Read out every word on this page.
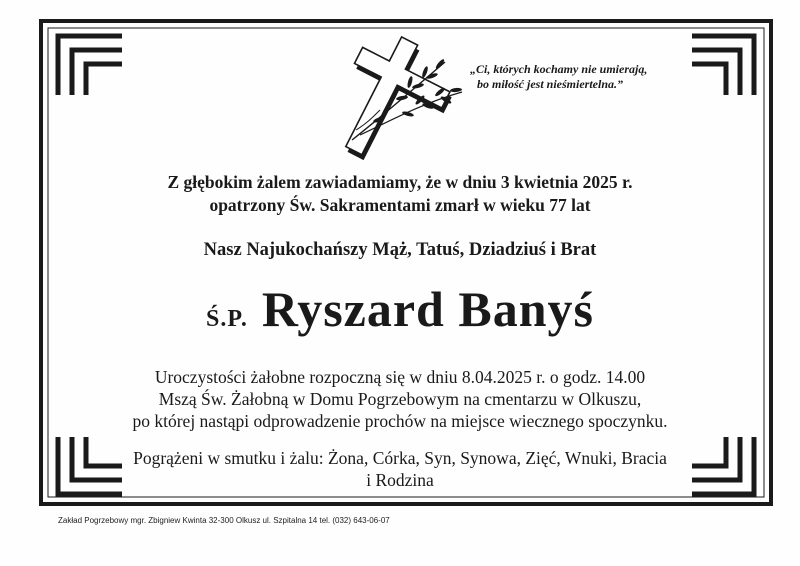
„Ci, których kochamy nie umierają,
bo miłość jest nieśmiertelna.”
Z głębokim żalem zawiadamiamy, że w dniu 3 kwietnia 2025 r.
opatrzony Św. Sakramentami zmarł w wieku 77 lat
Nasz Najukochańszy Mąż, Tatuś, Dziadziuś i Brat
Ś.P. Ryszard Banyś
Uroczystości żałobne rozpoczną się w dniu 8.04.2025 r. o godz. 14.00
Mszą Św. Żałobną w Domu Pogrzebowym na cmentarzu w Olkuszu,
po której nastąpi odprowadzenie prochów na miejsce wiecznego spoczynku.
Pogrążeni w smutku i żalu: Żona, Córka, Syn, Synowa, Zięć, Wnuki, Bracia
i Rodzina
Zakład Pogrzebowy mgr. Zbigniew Kwinta 32-300 Olkusz ul. Szpitalna 14 tel. (032) 643-06-07
